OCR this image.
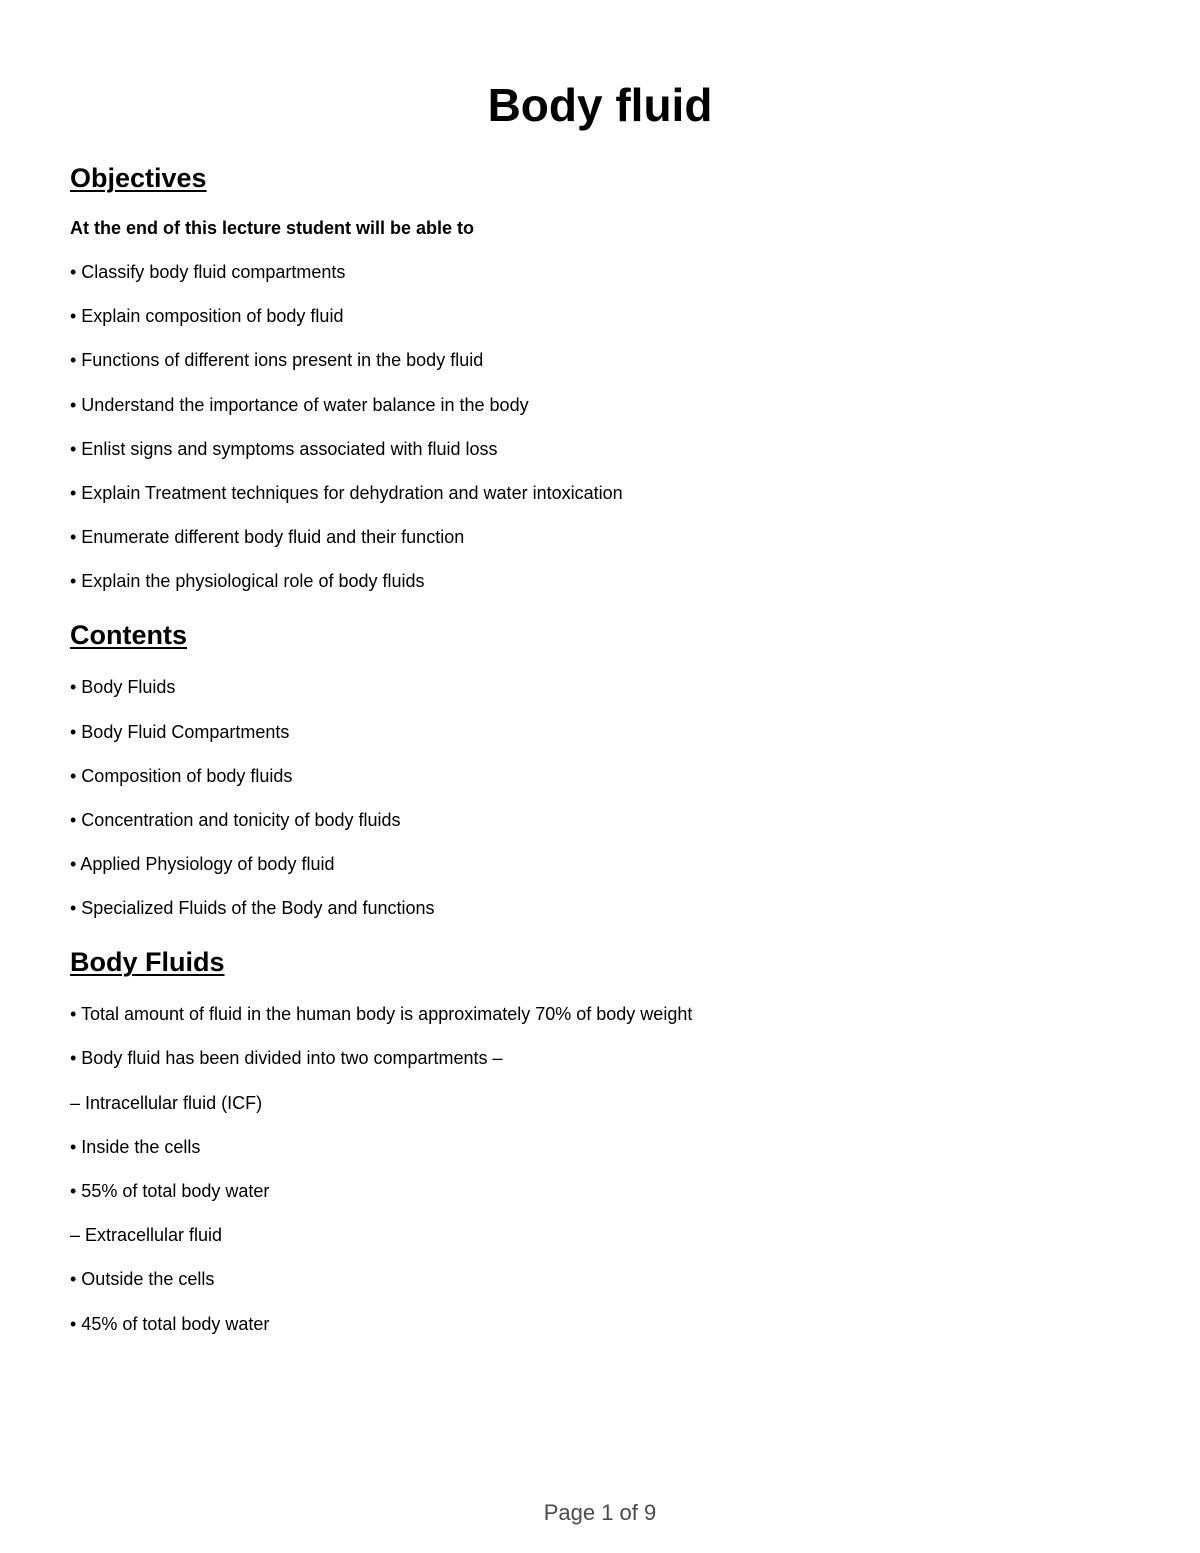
Body fluid
Objectives

At the end of this lecture student will be able to

• Classify body fluid compartments
• Explain composition of body fluid
• Functions of different ions present in the body fluid
• Understand the importance of water balance in the body
• Enlist signs and symptoms associated with fluid loss
• Explain Treatment techniques for dehydration and water intoxication
• Enumerate different body fluid and their function
• Explain the physiological role of body fluids
Contents
• Body Fluids
• Body Fluid Compartments
• Composition of body fluids
• Concentration and tonicity of body fluids
• Applied Physiology of body fluid
• Specialized Fluids of the Body and functions
Body Fluids
• Total amount of fluid in the human body is approximately 70% of body weight
• Body fluid has been divided into two compartments –
– Intracellular fluid (ICF)
• Inside the cells
• 55% of total body water
– Extracellular fluid
• Outside the cells
• 45% of total body water
Page 1 of 9
